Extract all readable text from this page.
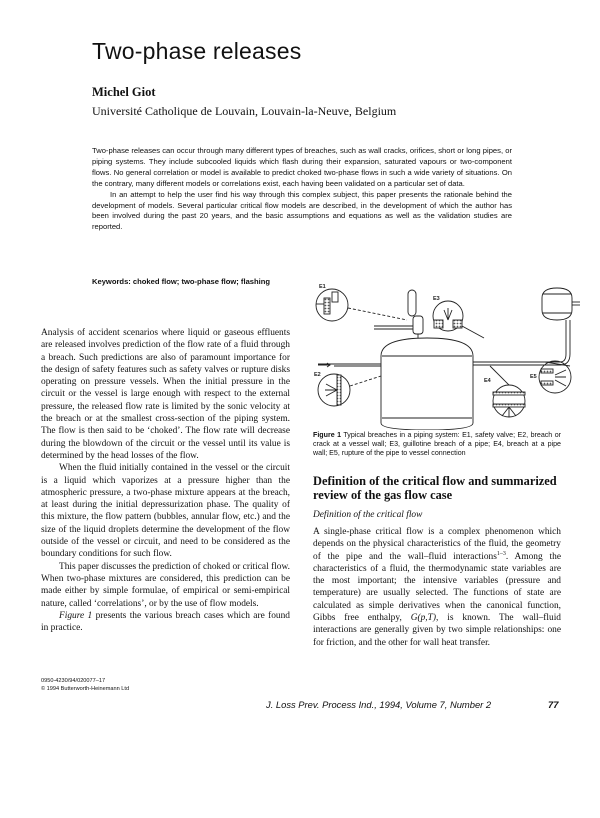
Two-phase releases
Michel Giot
Université Catholique de Louvain, Louvain-la-Neuve, Belgium

Two-phase releases can occur through many different types of breaches, such as wall cracks, orifices, short or long pipes, or piping systems. They include subcooled liquids which flash during their expansion, saturated vapours or two-component flows. No general correlation or model is available to predict choked two-phase flows in such a wide variety of situations. On the contrary, many different models or correlations exist, each having been validated on a particular set of data.

In an attempt to help the user find his way through this complex subject, this paper presents the rationale behind the development of models. Several particular critical flow models are described, in the development of which the author has been involved during the past 20 years, and the basic assumptions and equations as well as the validation studies are reported.

Keywords: choked flow; two-phase flow; flashing

Analysis of accident scenarios where liquid or gaseous effluents are released involves prediction of the flow rate of a fluid through a breach. Such predictions are also of paramount importance for the design of safety features such as safety valves or rupture disks operating on pressure vessels. When the initial pressure in the circuit or the vessel is large enough with respect to the external pressure, the released flow rate is limited by the sonic velocity at the breach or at the smallest cross-section of the piping system. The flow is then said to be ‘choked’. The flow rate will decrease during the blowdown of the circuit or the vessel until its value is determined by the head losses of the flow.

When the fluid initially contained in the vessel or the circuit is a liquid which vaporizes at a pressure higher than the atmospheric pressure, a two-phase mixture appears at the breach, at least during the initial depressurization phase. The quality of this mixture, the flow pattern (bubbles, annular flow, etc.) and the size of the liquid droplets determine the development of the flow outside of the vessel or circuit, and need to be considered as the boundary conditions for such flow.

This paper discusses the prediction of choked or critical flow. When two-phase mixtures are considered, this prediction can be made either by simple formulae, of empirical or semi-empirical nature, called ‘correlations’, or by the use of flow models.

Figure 1 presents the various breach cases which are found in practice.

E1
E2
E3
E4
E5
Figure 1 Typical breaches in a piping system: E1, safety valve; E2, breach or crack at a vessel wall; E3, guillotine breach of a pipe; E4, breach at a pipe wall; E5, rupture of the pipe to vessel connection
Definition of the critical flow and summarized review of the gas flow case
Definition of the critical flow

A single-phase critical flow is a complex phenomenon which depends on the physical characteristics of the fluid, the geometry of the pipe and the wall–fluid interactions$^{1-3}$. Among the characteristics of a fluid, the thermodynamic state variables are the most important; the intensive variables (pressure and temperature) are usually selected. The functions of state are calculated as simple derivatives when the canonical function, Gibbs free enthalpy, G(p,T), is known. The wall–fluid interactions are generally given by two simple relationships: one for friction, and the other for wall heat transfer.

0950-4230/94/020077–17
© 1994 Butterworth-Heinemann Ltd
J. Loss Prev. Process Ind., 1994, Volume 7, Number 2	77
